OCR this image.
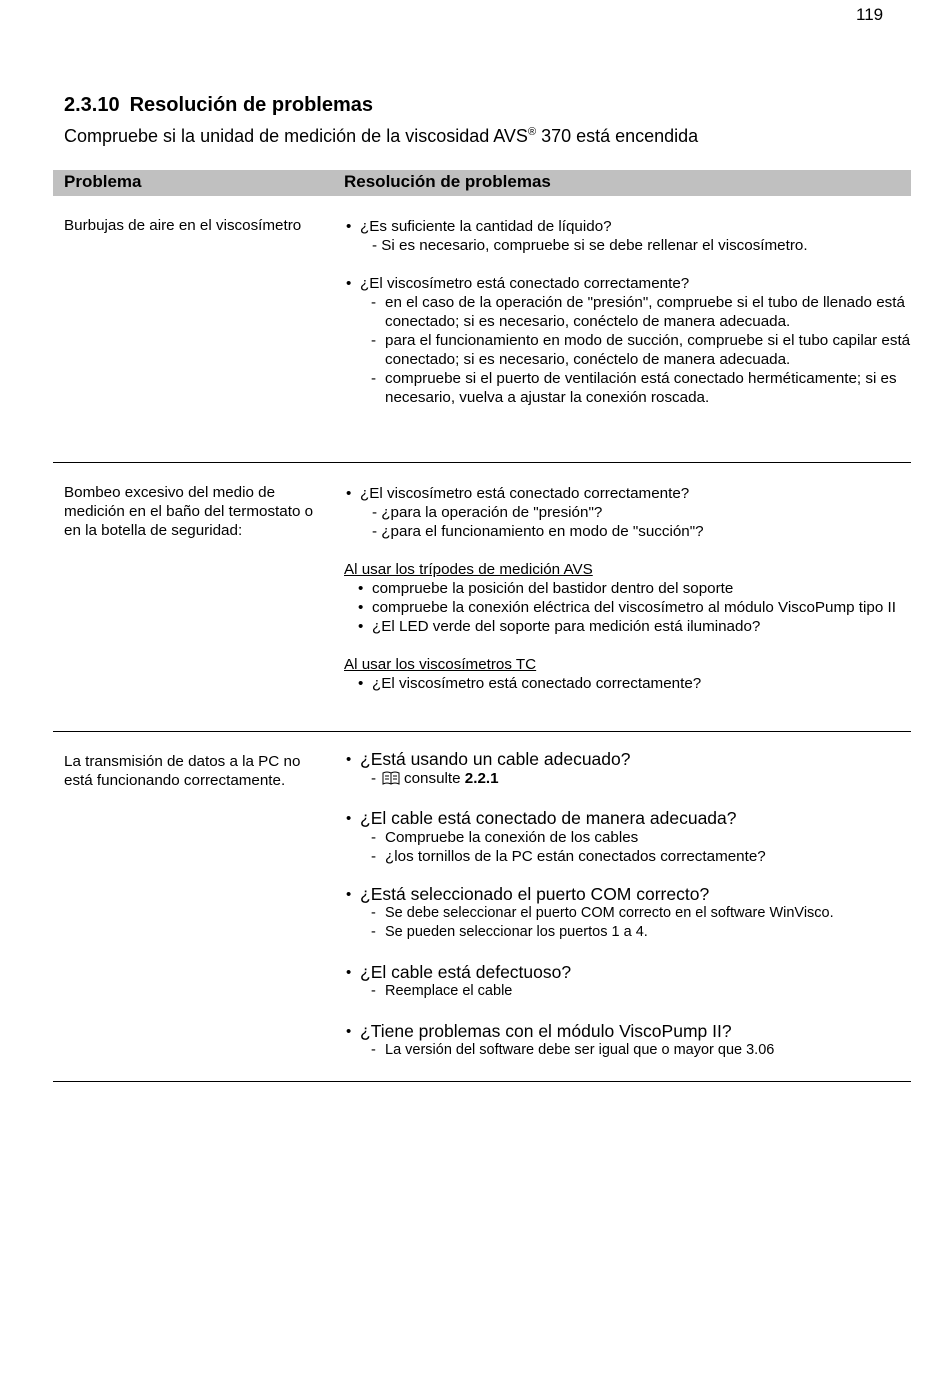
119
2.3.10 Resolución de problemas
Compruebe si la unidad de medición de la viscosidad AVS® 370 está encendida
Problema	Resolución de problemas
Burbujas de aire en el viscosímetro	• ¿Es suficiente la cantidad de líquido?
- Si es necesario, compruebe si se debe rellenar el viscosímetro.
• ¿El viscosímetro está conectado correctamente?
- en el caso de la operación de "presión", compruebe si el tubo de llenado está conectado; si es necesario, conéctelo de manera adecuada.
- para el funcionamiento en modo de succión, compruebe si el tubo capilar está conectado; si es necesario, conéctelo de manera adecuada.
- compruebe si el puerto de ventilación está conectado herméticamente; si es necesario, vuelva a ajustar la conexión roscada.
Bombeo excesivo del medio de medición en el baño del termostato o en la botella de seguridad:
• ¿El viscosímetro está conectado correctamente?
- ¿para la operación de "presión"?
- ¿para el funcionamiento en modo de "succión"?
Al usar los trípodes de medición AVS
• compruebe la posición del bastidor dentro del soporte
• compruebe la conexión eléctrica del viscosímetro al módulo ViscoPump tipo II
• ¿El LED verde del soporte para medición está iluminado?
Al usar los viscosímetros TC
• ¿El viscosímetro está conectado correctamente?
La transmisión de datos a la PC no está funcionando correctamente.
• ¿Está usando un cable adecuado?
- consulte 2.2.1
• ¿El cable está conectado de manera adecuada?
- Compruebe la conexión de los cables
- ¿los tornillos de la PC están conectados correctamente?
• ¿Está seleccionado el puerto COM correcto?
- Se debe seleccionar el puerto COM correcto en el software WinVisco.
- Se pueden seleccionar los puertos 1 a 4.
• ¿El cable está defectuoso?
- Reemplace el cable
• ¿Tiene problemas con el módulo ViscoPump II?
- La versión del software debe ser igual que o mayor que 3.06
